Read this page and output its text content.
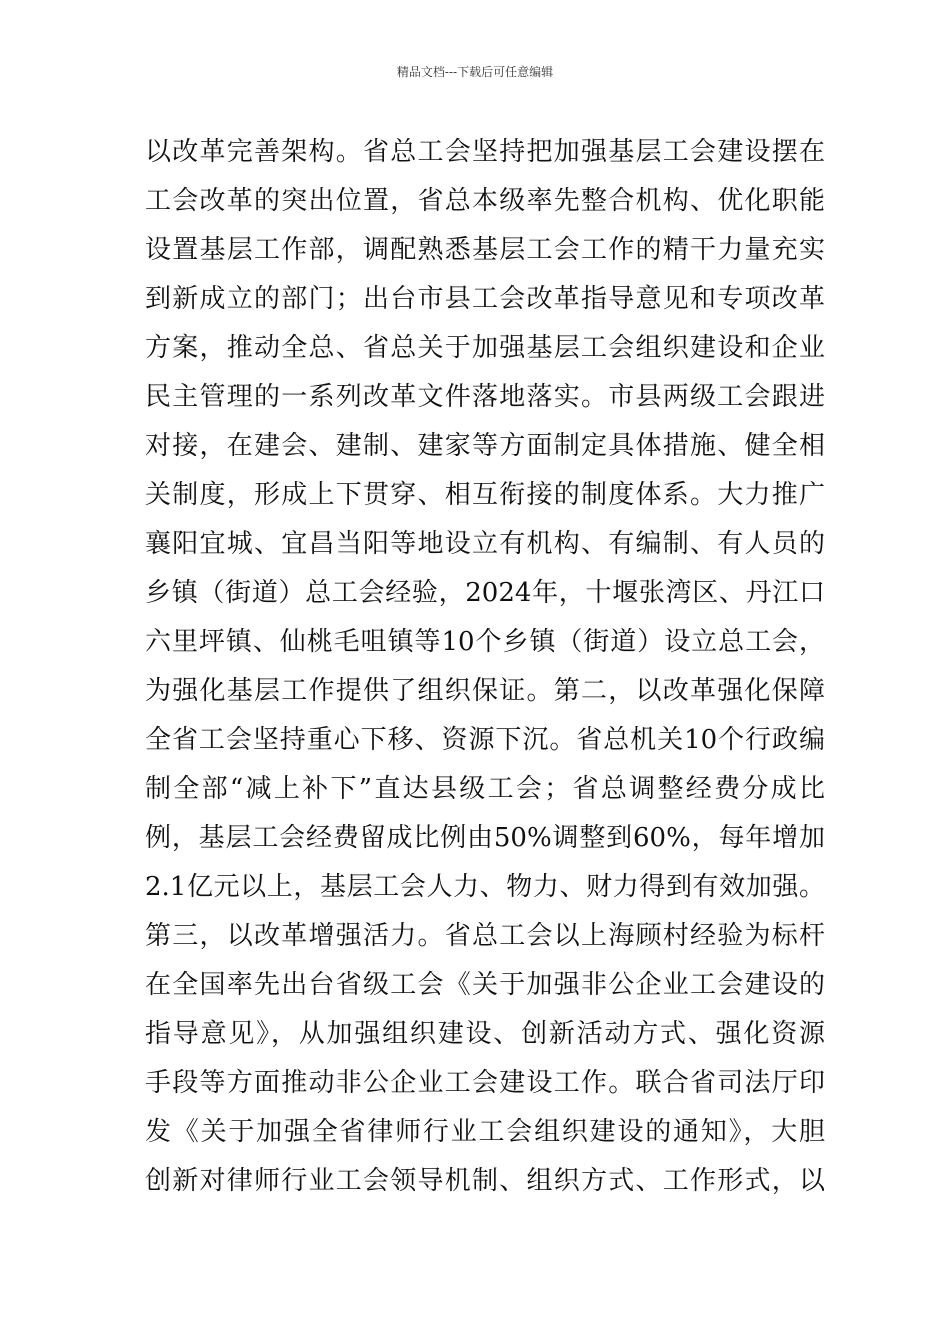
精品文档---下载后可任意编辑
以改革完善架构。省总工会坚持把加强基层工会建设摆在
工会改革的突出位置，省总本级率先整合机构、优化职能
设置基层工作部，调配熟悉基层工会工作的精干力量充实
到新成立的部门；出台市县工会改革指导意见和专项改革
方案，推动全总、省总关于加强基层工会组织建设和企业
民主管理的一系列改革文件落地落实。市县两级工会跟进
对接，在建会、建制、建家等方面制定具体措施、健全相
关制度，形成上下贯穿、相互衔接的制度体系。大力推广
襄阳宜城、宜昌当阳等地设立有机构、有编制、有人员的
乡镇（街道）总工会经验，2024年，十堰张湾区、丹江口
六里坪镇、仙桃毛咀镇等10个乡镇（街道）设立总工会，
为强化基层工作提供了组织保证。第二，以改革强化保障
全省工会坚持重心下移、资源下沉。省总机关10个行政编
制全部“减上补下”直达县级工会；省总调整经费分成比
例，基层工会经费留成比例由50%调整到60%，每年增加
2.1亿元以上，基层工会人力、物力、财力得到有效加强。
第三，以改革增强活力。省总工会以上海顾村经验为标杆
在全国率先出台省级工会《关于加强非公企业工会建设的
指导意见》，从加强组织建设、创新活动方式、强化资源
手段等方面推动非公企业工会建设工作。联合省司法厅印
发《关于加强全省律师行业工会组织建设的通知》，大胆
创新对律师行业工会领导机制、组织方式、工作形式，以
